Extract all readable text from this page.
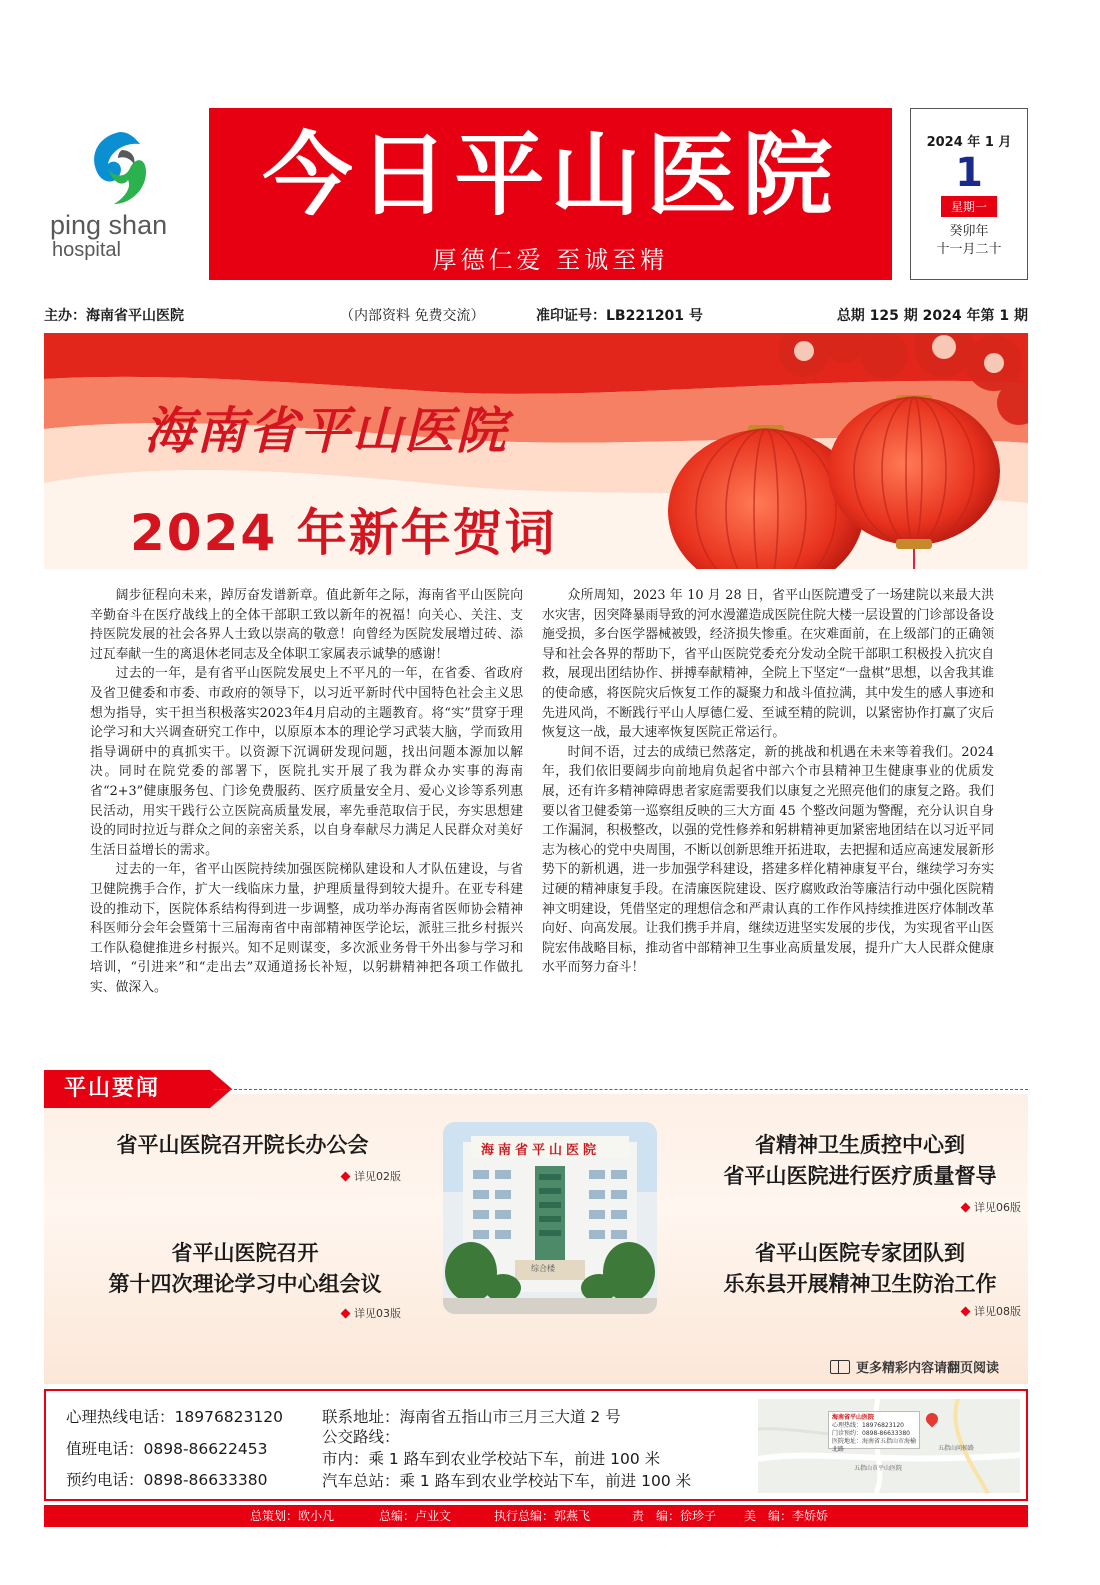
ping shan
hospital
今日平山医院
厚德仁爱 至诚至精
2024 年 1 月
1
星期一
癸卯年
十一月二十
主办：海南省平山医院	（内部资料 免费交流）	准印证号：LB221201 号	总期 125 期 2024 年第 1 期
海南省平山医院
2024 年新年贺词

阔步征程向未来，踔厉奋发谱新章。值此新年之际，海南省平山医院向辛勤奋斗在医疗战线上的全体干部职工致以新年的祝福！向关心、关注、支持医院发展的社会各界人士致以崇高的敬意！向曾经为医院发展增过砖、添过瓦奉献一生的离退休老同志及全体职工家属表示诚挚的感谢！

过去的一年，是有省平山医院发展史上不平凡的一年，在省委、省政府及省卫健委和市委、市政府的领导下，以习近平新时代中国特色社会主义思想为指导，实干担当积极落实2023年4月启动的主题教育。将“实”贯穿于理论学习和大兴调查研究工作中，以原原本本的理论学习武装大脑，学而致用指导调研中的真抓实干。以资源下沉调研发现问题，找出问题本源加以解决。同时在院党委的部署下，医院扎实开展了我为群众办实事的海南省“2+3”健康服务包、门诊免费服药、医疗质量安全月、爱心义诊等系列惠民活动，用实干践行公立医院高质量发展，率先垂范取信于民，夯实思想建设的同时拉近与群众之间的亲密关系，以自身奉献尽力满足人民群众对美好生活日益增长的需求。

过去的一年，省平山医院持续加强医院梯队建设和人才队伍建设，与省卫健院携手合作，扩大一线临床力量，护理质量得到较大提升。在亚专科建设的推动下，医院体系结构得到进一步调整，成功举办海南省医师协会精神科医师分会年会暨第十三届海南省中南部精神医学论坛，派驻三批乡村振兴工作队稳健推进乡村振兴。知不足则谋变，多次派业务骨干外出参与学习和培训，“引进来”和“走出去”双通道扬长补短，以躬耕精神把各项工作做扎实、做深入。

众所周知，2023 年 10 月 28 日，省平山医院遭受了一场建院以来最大洪水灾害，因突降暴雨导致的河水漫灌造成医院住院大楼一层设置的门诊部设备设施受损，多台医学器械被毁，经济损失惨重。在灾难面前，在上级部门的正确领导和社会各界的帮助下，省平山医院党委充分发动全院干部职工积极投入抗灾自救，展现出团结协作、拼搏奉献精神，全院上下坚定“一盘棋”思想，以舍我其谁的使命感，将医院灾后恢复工作的凝聚力和战斗值拉满，其中发生的感人事迹和先进风尚，不断践行平山人厚德仁爱、至诚至精的院训，以紧密协作打赢了灾后恢复这一战，最大速率恢复医院正常运行。

时间不语，过去的成绩已然落定，新的挑战和机遇在未来等着我们。2024 年，我们依旧要阔步向前地肩负起省中部六个市县精神卫生健康事业的优质发展，还有许多精神障碍患者家庭需要我们以康复之光照亮他们的康复之路。我们要以省卫健委第一巡察组反映的三大方面 45 个整改问题为警醒，充分认识自身工作漏洞，积极整改，以强的党性修养和躬耕精神更加紧密地团结在以习近平同志为核心的党中央周围，不断以创新思维开拓进取，去把握和适应高速发展新形势下的新机遇，进一步加强学科建设，搭建多样化精神康复平台，继续学习夯实过硬的精神康复手段。在清廉医院建设、医疗腐败政治等廉洁行动中强化医院精神文明建设，凭借坚定的理想信念和严肃认真的工作作风持续推进医疗体制改革向好、向高发展。让我们携手并肩，继续迈进坚实发展的步伐，为实现省平山医院宏伟战略目标，推动省中部精神卫生事业高质量发展，提升广大人民群众健康水平而努力奋斗！

平山要闻
省平山医院召开院长办公会
详见02版
省平山医院召开
第十四次理论学习中心组会议
详见03版
海南省平山医院
综合楼
省精神卫生质控中心到
省平山医院进行医疗质量督导
详见06版
省平山医院专家团队到
乐东县开展精神卫生防治工作
详见08版
更多精彩内容请翻页阅读
心理热线电话：18976823120
值班电话：0898-86622453
预约电话：0898-86633380
联系地址：海南省五指山市三月三大道 2 号
公交路线：
市内：乘 1 路车到农业学校站下车，前进 100 米
汽车总站：乘 1 路车到农业学校站下车，前进 100 米
海南省平山医院
心理热线：18976823120
门诊预约：0898-86633380
医院地址：海南省五指山市海榆北路
五指山市平山医院
五指山问候路
总策划：欧小凡	总编：卢业文	执行总编：郭燕飞	责　编：徐珍子 美　编：李娇娇
